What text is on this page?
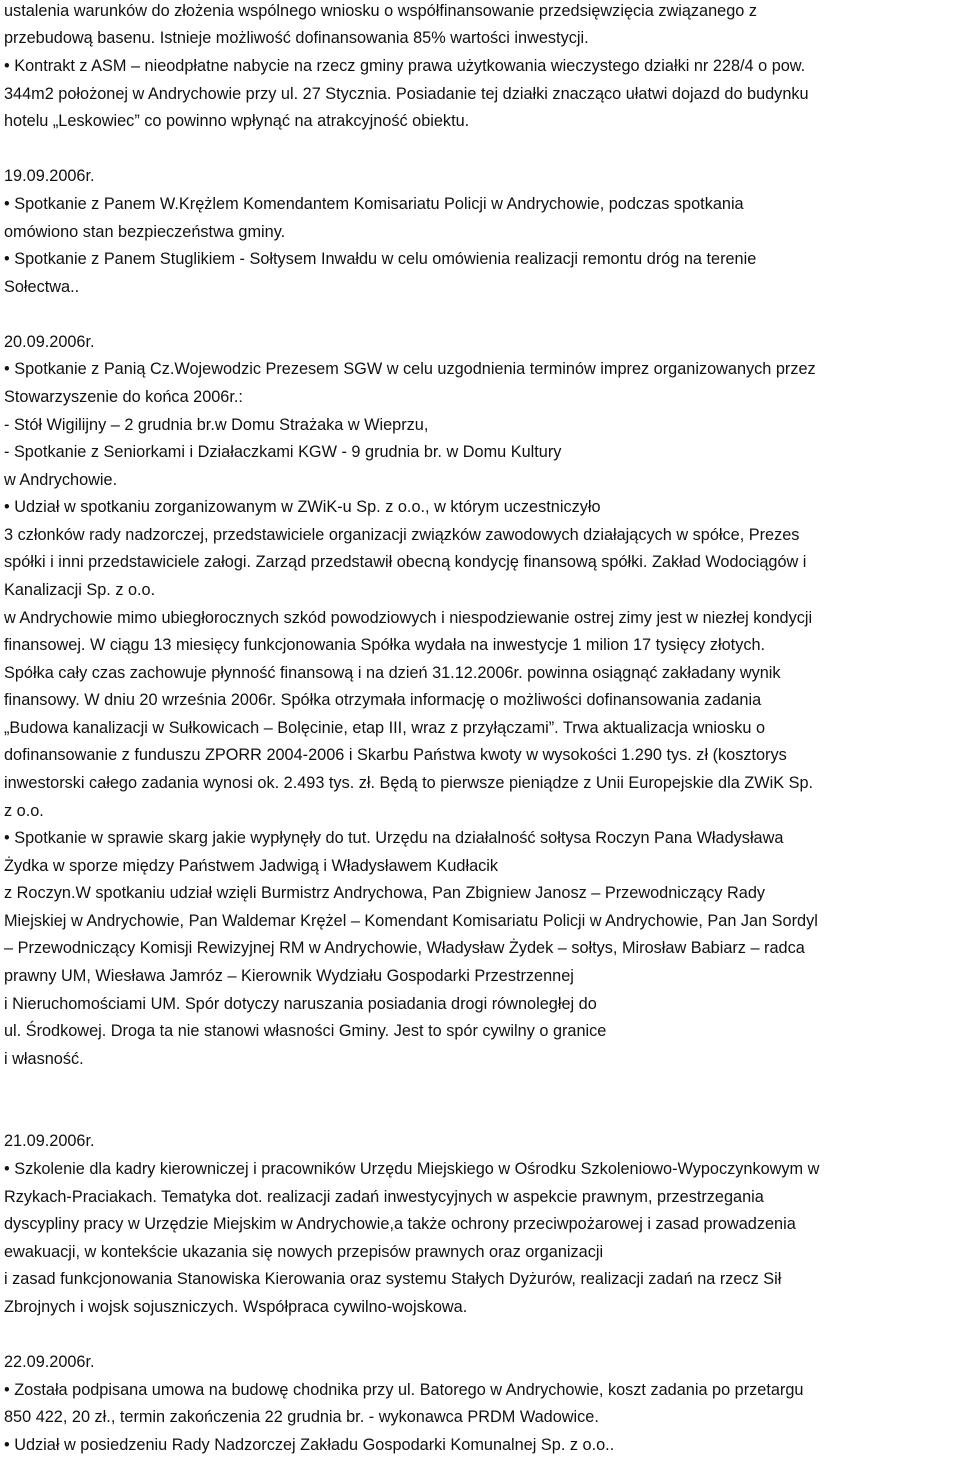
ustalenia warunków do złożenia wspólnego wniosku o współfinansowanie przedsięwzięcia związanego z
przebudową basenu. Istnieje możliwość dofinansowania 85% wartości inwestycji.
• Kontrakt z ASM – nieodpłatne nabycie na rzecz gminy prawa użytkowania wieczystego działki nr 228/4 o pow.
344m2 położonej w Andrychowie przy ul. 27 Stycznia. Posiadanie tej działki znacząco ułatwi dojazd do budynku
hotelu „Leskowiec” co powinno wpłynąć na atrakcyjność obiektu.
19.09.2006r.
• Spotkanie z Panem W.Krężlem Komendantem Komisariatu Policji w Andrychowie, podczas spotkania
omówiono stan bezpieczeństwa gminy.
• Spotkanie z Panem Stuglikiem - Sołtysem Inwałdu w celu omówienia realizacji remontu dróg na terenie
Sołectwa..
20.09.2006r.
• Spotkanie z Panią Cz.Wojewodzic Prezesem SGW w celu uzgodnienia terminów imprez organizowanych przez
Stowarzyszenie do końca 2006r.:
- Stół Wigilijny – 2 grudnia br.w Domu Strażaka w Wieprzu,
- Spotkanie z Seniorkami i Działaczkami KGW - 9 grudnia br. w Domu Kultury
w Andrychowie.
• Udział w spotkaniu zorganizowanym w ZWiK-u Sp. z o.o., w którym uczestniczyło
3 członków rady nadzorczej, przedstawiciele organizacji związków zawodowych działających w spółce, Prezes
spółki i inni przedstawiciele załogi. Zarząd przedstawił obecną kondycję finansową spółki. Zakład Wodociągów i
Kanalizacji Sp. z o.o.
w Andrychowie mimo ubiegłorocznych szkód powodziowych i niespodziewanie ostrej zimy jest w niezłej kondycji
finansowej. W ciągu 13 miesięcy funkcjonowania Spółka wydała na inwestycje 1 milion 17 tysięcy złotych.
Spółka cały czas zachowuje płynność finansową i na dzień 31.12.2006r. powinna osiągnąć zakładany wynik
finansowy. W dniu 20 września 2006r. Spółka otrzymała informację o możliwości dofinansowania zadania
„Budowa kanalizacji w Sułkowicach – Bolęcinie, etap III, wraz z przyłączami”. Trwa aktualizacja wniosku o
dofinansowanie z funduszu ZPORR 2004-2006 i Skarbu Państwa kwoty w wysokości 1.290 tys. zł (kosztorys
inwestorski całego zadania wynosi ok. 2.493 tys. zł. Będą to pierwsze pieniądze z Unii Europejskie dla ZWiK Sp.
z o.o.
• Spotkanie w sprawie skarg jakie wypłynęły do tut. Urzędu na działalność sołtysa Roczyn Pana Władysława
Żydka w sporze między Państwem Jadwigą i Władysławem Kudłacik
z Roczyn.W spotkaniu udział wzięli Burmistrz Andrychowa, Pan Zbigniew Janosz – Przewodniczący Rady
Miejskiej w Andrychowie, Pan Waldemar Krężel – Komendant Komisariatu Policji w Andrychowie, Pan Jan Sordyl
– Przewodniczący Komisji Rewizyjnej RM w Andrychowie, Władysław Żydek – sołtys, Mirosław Babiarz – radca
prawny UM, Wiesława Jamróz – Kierownik Wydziału Gospodarki Przestrzennej
i Nieruchomościami UM. Spór dotyczy naruszania posiadania drogi równoległej do
ul. Środkowej. Droga ta nie stanowi własności Gminy. Jest to spór cywilny o granice
i własność.
21.09.2006r.
• Szkolenie dla kadry kierowniczej i pracowników Urzędu Miejskiego w Ośrodku Szkoleniowo-Wypoczynkowym w
Rzykach-Praciakach. Tematyka dot. realizacji zadań inwestycyjnych w aspekcie prawnym, przestrzegania
dyscypliny pracy w Urzędzie Miejskim w Andrychowie,a także ochrony przeciwpożarowej i zasad prowadzenia
ewakuacji, w kontekście ukazania się nowych przepisów prawnych oraz organizacji
i zasad funkcjonowania Stanowiska Kierowania oraz systemu Stałych Dyżurów, realizacji zadań na rzecz Sił
Zbrojnych i wojsk sojuszniczych. Współpraca cywilno-wojskowa.
22.09.2006r.
• Została podpisana umowa na budowę chodnika przy ul. Batorego w Andrychowie, koszt zadania po przetargu
850 422, 20 zł., termin zakończenia 22 grudnia br. - wykonawca PRDM Wadowice.
• Udział w posiedzeniu Rady Nadzorczej Zakładu Gospodarki Komunalnej Sp. z o.o..
